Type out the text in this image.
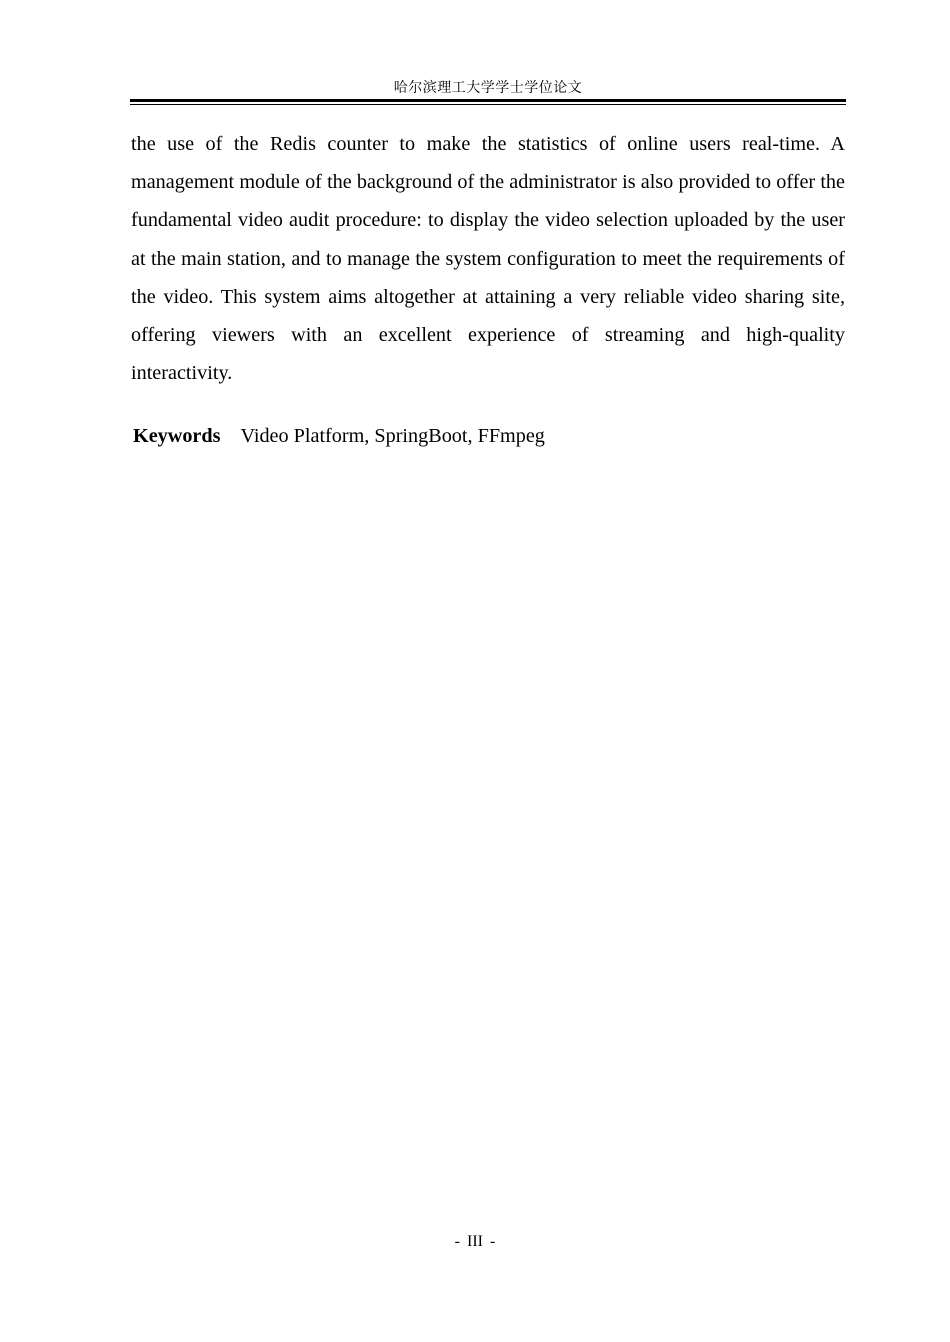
哈尔滨理工大学学士学位论文

the use of the Redis counter to make the statistics of online users real-time. A management module of the background of the administrator is also provided to offer the fundamental video audit procedure: to display the video selection uploaded by the user at the main station, and to manage the system configuration to meet the requirements of the video. This system aims altogether at attaining a very reliable video sharing site, offering viewers with an excellent experience of streaming and high-quality interactivity.

Keywords Video Platform, SpringBoot, FFmpeg
- III -
